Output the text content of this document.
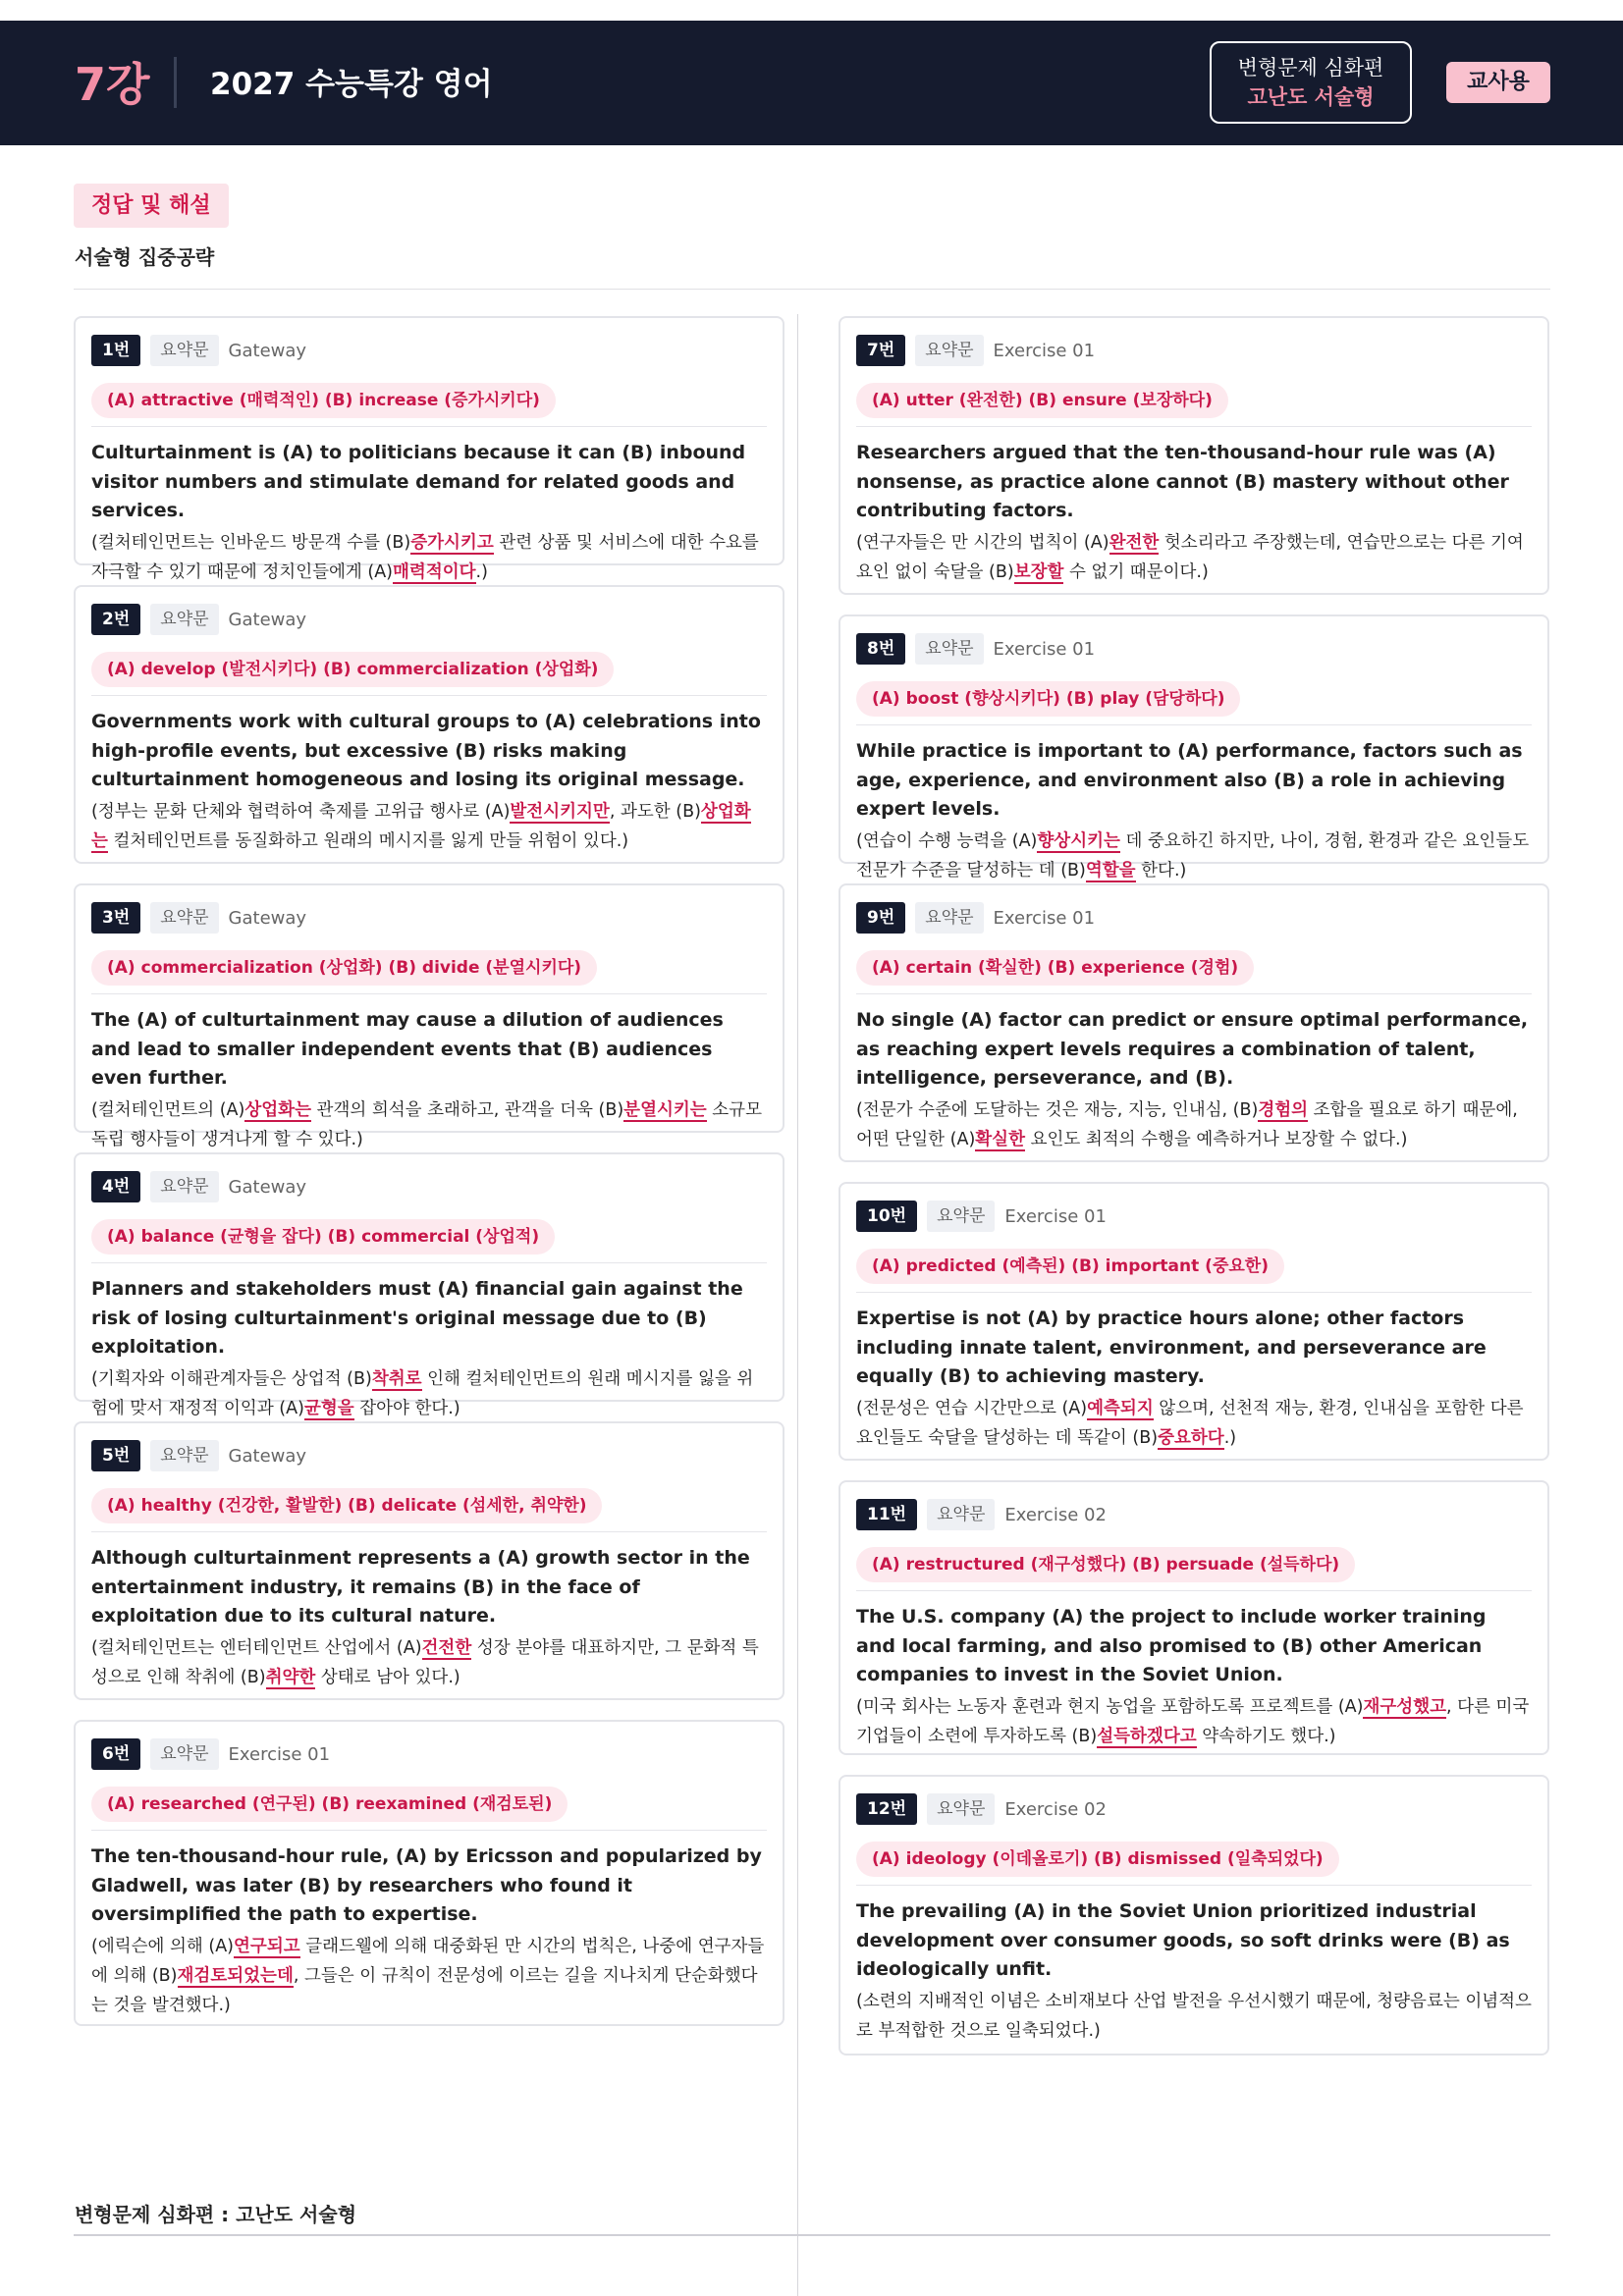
7강 2027 수능특강 영어	변형문제 심화편
고난도 서술형
교사용
정답 및 해설
서술형 집중공략
1번	요약문	Gateway
(A) attractive (매력적인) (B) increase (증가시키다)
Culturtainment is (A) to politicians because it can (B) inbound visitor numbers and stimulate demand for related goods and services.
(컬처테인먼트는 인바운드 방문객 수를 (B)증가시키고 관련 상품 및 서비스에 대한 수요를 자극할 수 있기 때문에 정치인들에게 (A)매력적이다.)
2번	요약문	Gateway
(A) develop (발전시키다) (B) commercialization (상업화)
Governments work with cultural groups to (A) celebrations into high-profile events, but excessive (B) risks making culturtainment homogeneous and losing its original message.
(정부는 문화 단체와 협력하여 축제를 고위급 행사로 (A)발전시키지만, 과도한 (B)상업화는 컬처테인먼트를 동질화하고 원래의 메시지를 잃게 만들 위험이 있다.)
3번	요약문	Gateway
(A) commercialization (상업화) (B) divide (분열시키다)
The (A) of culturtainment may cause a dilution of audiences and lead to smaller independent events that (B) audiences even further.
(컬처테인먼트의 (A)상업화는 관객의 희석을 초래하고, 관객을 더욱 (B)분열시키는 소규모 독립 행사들이 생겨나게 할 수 있다.)
4번	요약문	Gateway
(A) balance (균형을 잡다) (B) commercial (상업적)
Planners and stakeholders must (A) financial gain against the risk of losing culturtainment's original message due to (B) exploitation.
(기획자와 이해관계자들은 상업적 (B)착취로 인해 컬처테인먼트의 원래 메시지를 잃을 위험에 맞서 재정적 이익과 (A)균형을 잡아야 한다.)
5번	요약문	Gateway
(A) healthy (건강한, 활발한) (B) delicate (섬세한, 취약한)
Although culturtainment represents a (A) growth sector in the entertainment industry, it remains (B) in the face of exploitation due to its cultural nature.
(컬처테인먼트는 엔터테인먼트 산업에서 (A)건전한 성장 분야를 대표하지만, 그 문화적 특성으로 인해 착취에 (B)취약한 상태로 남아 있다.)
6번	요약문	Exercise 01
(A) researched (연구된) (B) reexamined (재검토된)
The ten-thousand-hour rule, (A) by Ericsson and popularized by Gladwell, was later (B) by researchers who found it oversimplified the path to expertise.
(에릭슨에 의해 (A)연구되고 글래드웰에 의해 대중화된 만 시간의 법칙은, 나중에 연구자들에 의해 (B)재검토되었는데, 그들은 이 규칙이 전문성에 이르는 길을 지나치게 단순화했다는 것을 발견했다.)
7번	요약문	Exercise 01
(A) utter (완전한) (B) ensure (보장하다)
Researchers argued that the ten-thousand-hour rule was (A) nonsense, as practice alone cannot (B) mastery without other contributing factors.
(연구자들은 만 시간의 법칙이 (A)완전한 헛소리라고 주장했는데, 연습만으로는 다른 기여 요인 없이 숙달을 (B)보장할 수 없기 때문이다.)
8번	요약문	Exercise 01
(A) boost (향상시키다) (B) play (담당하다)
While practice is important to (A) performance, factors such as age, experience, and environment also (B) a role in achieving expert levels.
(연습이 수행 능력을 (A)향상시키는 데 중요하긴 하지만, 나이, 경험, 환경과 같은 요인들도 전문가 수준을 달성하는 데 (B)역할을 한다.)
9번	요약문	Exercise 01
(A) certain (확실한) (B) experience (경험)
No single (A) factor can predict or ensure optimal performance, as reaching expert levels requires a combination of talent, intelligence, perseverance, and (B).
(전문가 수준에 도달하는 것은 재능, 지능, 인내심, (B)경험의 조합을 필요로 하기 때문에, 어떤 단일한 (A)확실한 요인도 최적의 수행을 예측하거나 보장할 수 없다.)
10번	요약문	Exercise 01
(A) predicted (예측된) (B) important (중요한)
Expertise is not (A) by practice hours alone; other factors including innate talent, environment, and perseverance are equally (B) to achieving mastery.
(전문성은 연습 시간만으로 (A)예측되지 않으며, 선천적 재능, 환경, 인내심을 포함한 다른 요인들도 숙달을 달성하는 데 똑같이 (B)중요하다.)
11번	요약문	Exercise 02
(A) restructured (재구성했다) (B) persuade (설득하다)
The U.S. company (A) the project to include worker training and local farming, and also promised to (B) other American companies to invest in the Soviet Union.
(미국 회사는 노동자 훈련과 현지 농업을 포함하도록 프로젝트를 (A)재구성했고, 다른 미국 기업들이 소련에 투자하도록 (B)설득하겠다고 약속하기도 했다.)
12번	요약문	Exercise 02
(A) ideology (이데올로기) (B) dismissed (일축되었다)
The prevailing (A) in the Soviet Union prioritized industrial development over consumer goods, so soft drinks were (B) as ideologically unfit.
(소련의 지배적인 이념은 소비재보다 산업 발전을 우선시했기 때문에, 청량음료는 이념적으로 부적합한 것으로 일축되었다.)
변형문제 심화편 : 고난도 서술형
